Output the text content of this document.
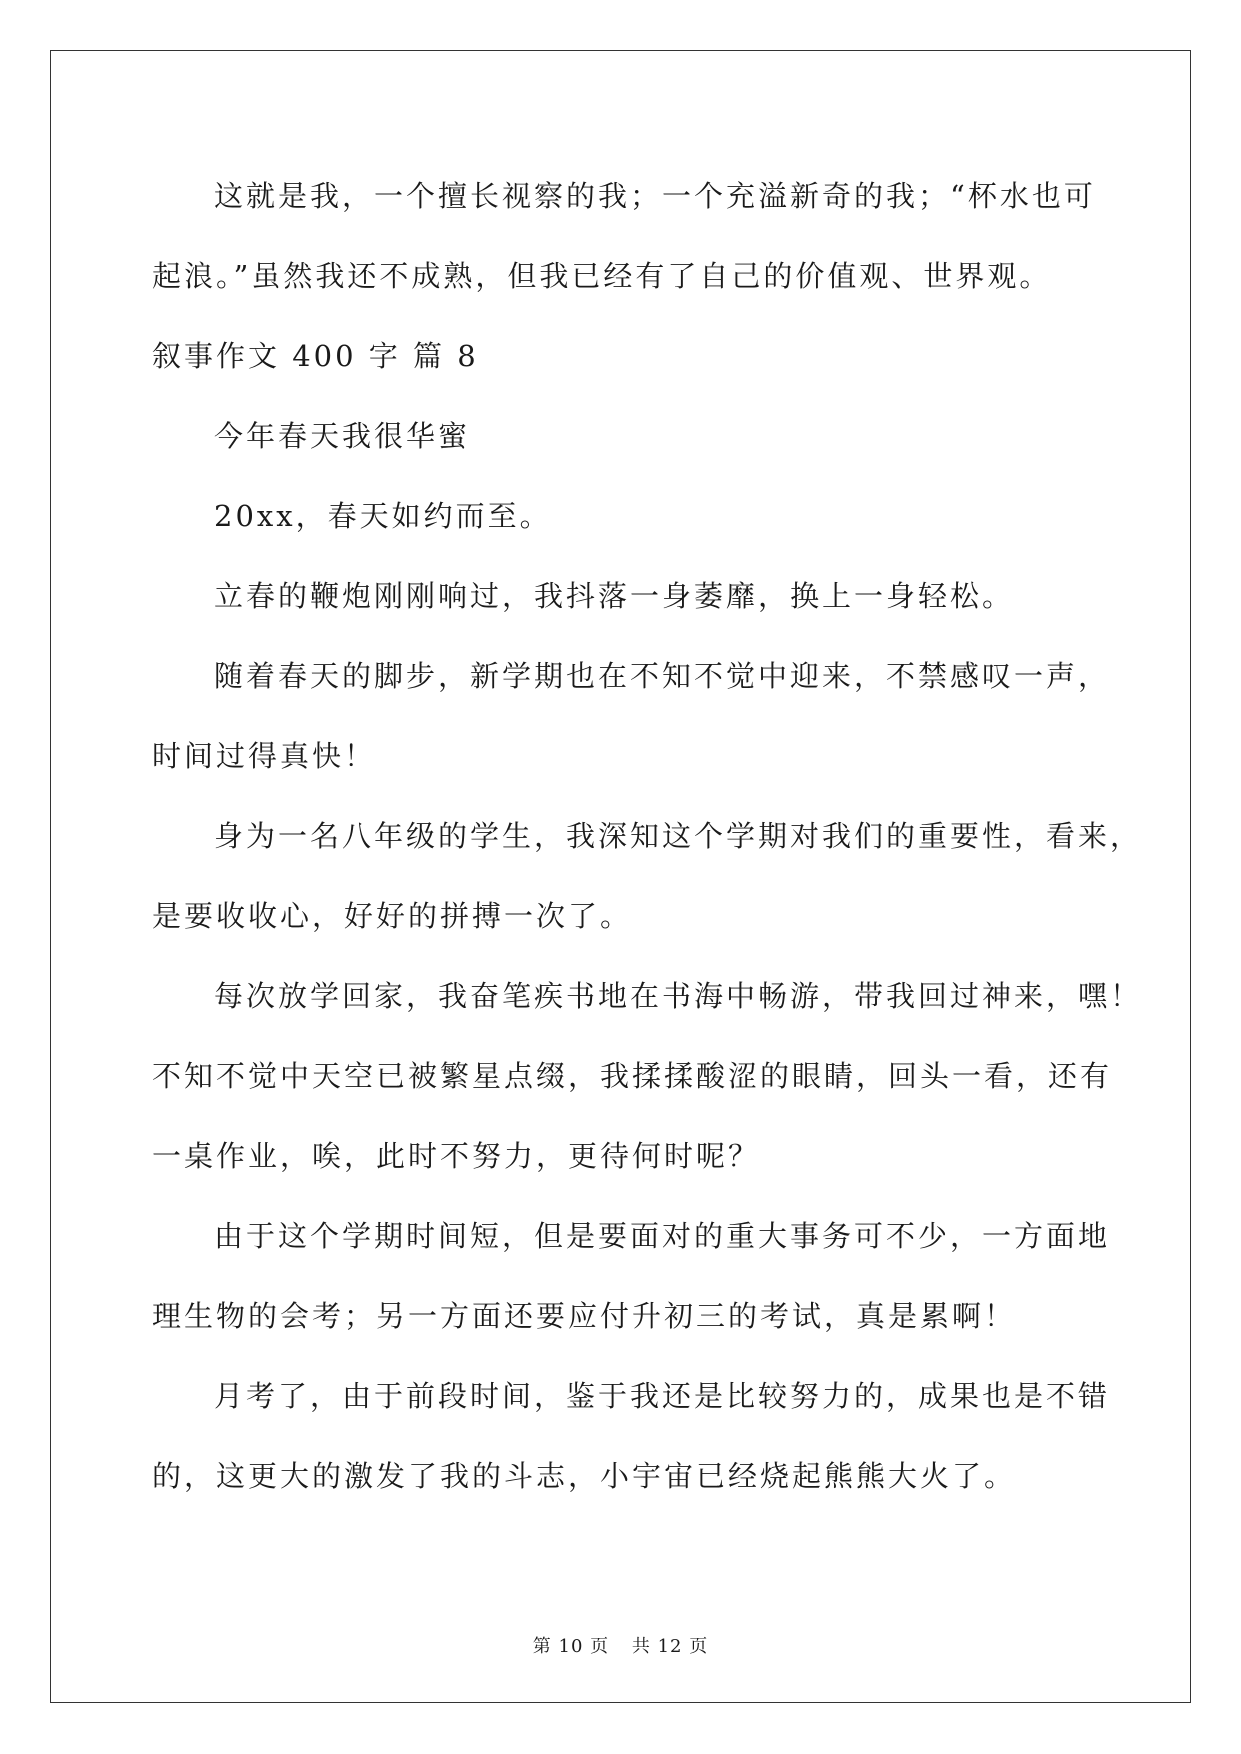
这就是我，一个擅长视察的我；一个充溢新奇的我；“杯水也可
起浪。”虽然我还不成熟，但我已经有了自己的价值观、世界观。
叙事作文 400 字 篇 8
今年春天我很华蜜
20xx，春天如约而至。
立春的鞭炮刚刚响过，我抖落一身萎靡，换上一身轻松。
随着春天的脚步，新学期也在不知不觉中迎来，不禁感叹一声，
时间过得真快！
身为一名八年级的学生，我深知这个学期对我们的重要性，看来，
是要收收心，好好的拼搏一次了。
每次放学回家，我奋笔疾书地在书海中畅游，带我回过神来，嘿！
不知不觉中天空已被繁星点缀，我揉揉酸涩的眼睛，回头一看，还有
一桌作业，唉，此时不努力，更待何时呢？
由于这个学期时间短，但是要面对的重大事务可不少，一方面地
理生物的会考；另一方面还要应付升初三的考试，真是累啊！
月考了，由于前段时间，鉴于我还是比较努力的，成果也是不错
的，这更大的激发了我的斗志，小宇宙已经烧起熊熊大火了。
第 10 页 共 12 页
